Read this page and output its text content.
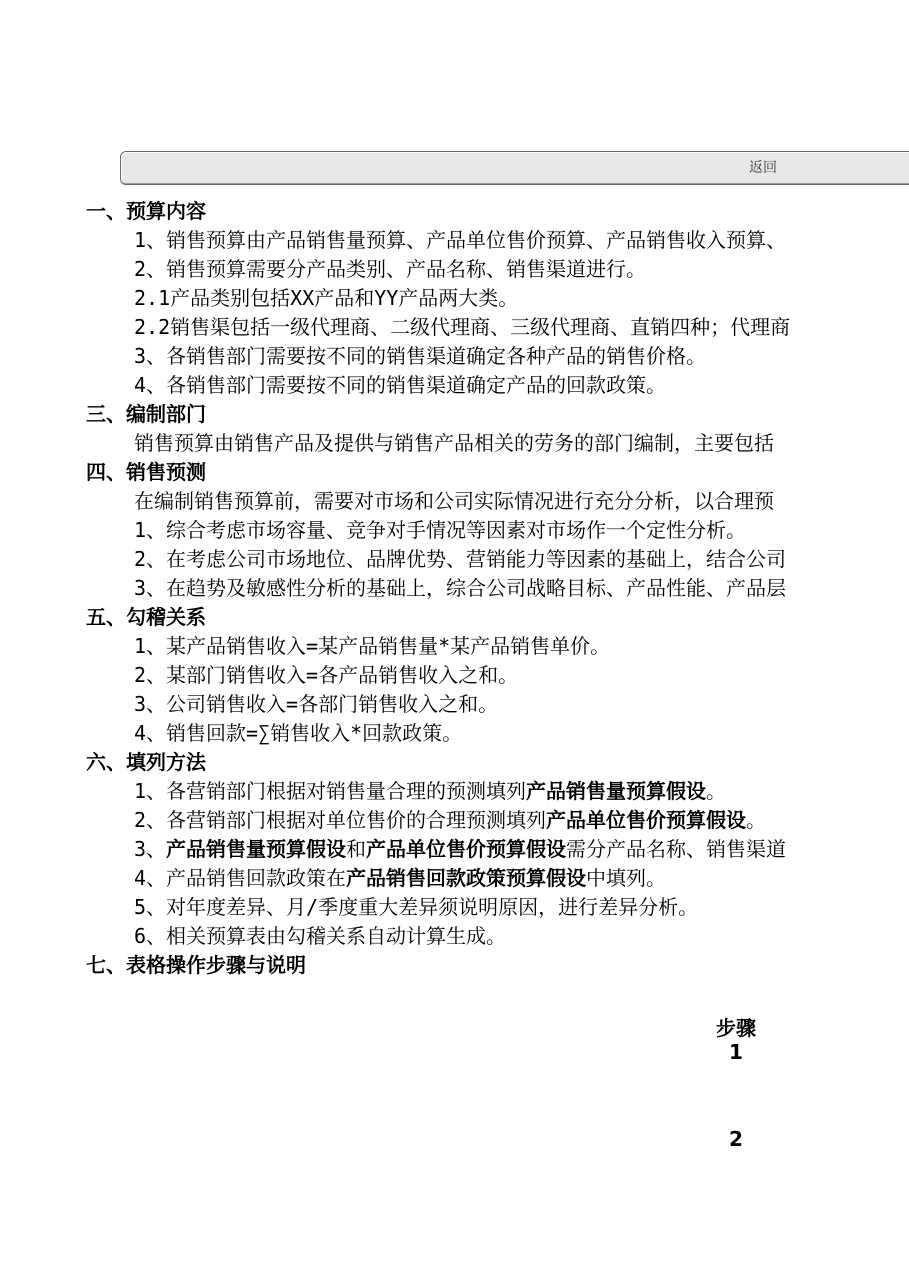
返回
一、预算内容
1、销售预算由产品销售量预算、产品单位售价预算、产品销售收入预算、
2、销售预算需要分产品类别、产品名称、销售渠道进行。
2.1产品类别包括XX产品和YY产品两大类。
2.2销售渠包括一级代理商、二级代理商、三级代理商、直销四种；代理商
3、各销售部门需要按不同的销售渠道确定各种产品的销售价格。
4、各销售部门需要按不同的销售渠道确定产品的回款政策。
三、编制部门
销售预算由销售产品及提供与销售产品相关的劳务的部门编制，主要包括
四、销售预测
在编制销售预算前，需要对市场和公司实际情况进行充分分析，以合理预
1、综合考虑市场容量、竞争对手情况等因素对市场作一个定性分析。
2、在考虑公司市场地位、品牌优势、营销能力等因素的基础上，结合公司
3、在趋势及敏感性分析的基础上，综合公司战略目标、产品性能、产品层
五、勾稽关系
1、某产品销售收入=某产品销售量*某产品销售单价。
2、某部门销售收入=各产品销售收入之和。
3、公司销售收入=各部门销售收入之和。
4、销售回款=∑销售收入*回款政策。
六、填列方法
1、各营销部门根据对销售量合理的预测填列产品销售量预算假设。
2、各营销部门根据对单位售价的合理预测填列产品单位售价预算假设。
3、产品销售量预算假设和产品单位售价预算假设需分产品名称、销售渠道
4、产品销售回款政策在产品销售回款政策预算假设中填列。
5、对年度差异、月/季度重大差异须说明原因，进行差异分析。
6、相关预算表由勾稽关系自动计算生成。
七、表格操作步骤与说明
步骤
1
2
